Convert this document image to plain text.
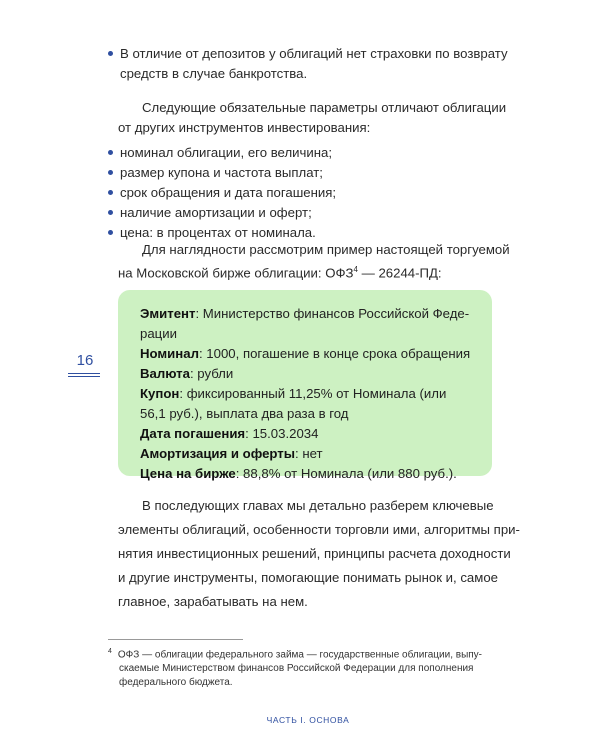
В отличие от депозитов у облигаций нет страховки по возврату
средств в случае банкротства.
Следующие обязательные параметры отличают облигации
от других инструментов инвестирования:
номинал облигации, его величина;
размер купона и частота выплат;
срок обращения и дата погашения;
наличие амортизации и оферт;
цена: в процентах от номинала.
Для наглядности рассмотрим пример настоящей торгуемой
на Московской бирже облигации: ОФЗ$^4$ — 26244-ПД:
16
Эмитент: Министерство финансов Российской Феде-
рации
Номинал: 1000, погашение в конце срока обращения
Валюта: рубли
Купон: фиксированный 11,25% от Номинала (или
56,1 руб.), выплата два раза в год
Дата погашения: 15.03.2034
Амортизация и оферты: нет
Цена на бирже: 88,8% от Номинала (или 880 руб.).
В последующих главах мы детально разберем ключевые
элементы облигаций, особенности торговли ими, алгоритмы при-
нятия инвестиционных решений, принципы расчета доходности
и другие инструменты, помогающие понимать рынок и, самое
главное, зарабатывать на нем.
$^4$ ОФЗ — облигации федерального займа — государственные облигации, выпу-
скаемые Министерством финансов Российской Федерации для пополнения
федерального бюджета.
ЧАСТЬ I. ОСНОВА
